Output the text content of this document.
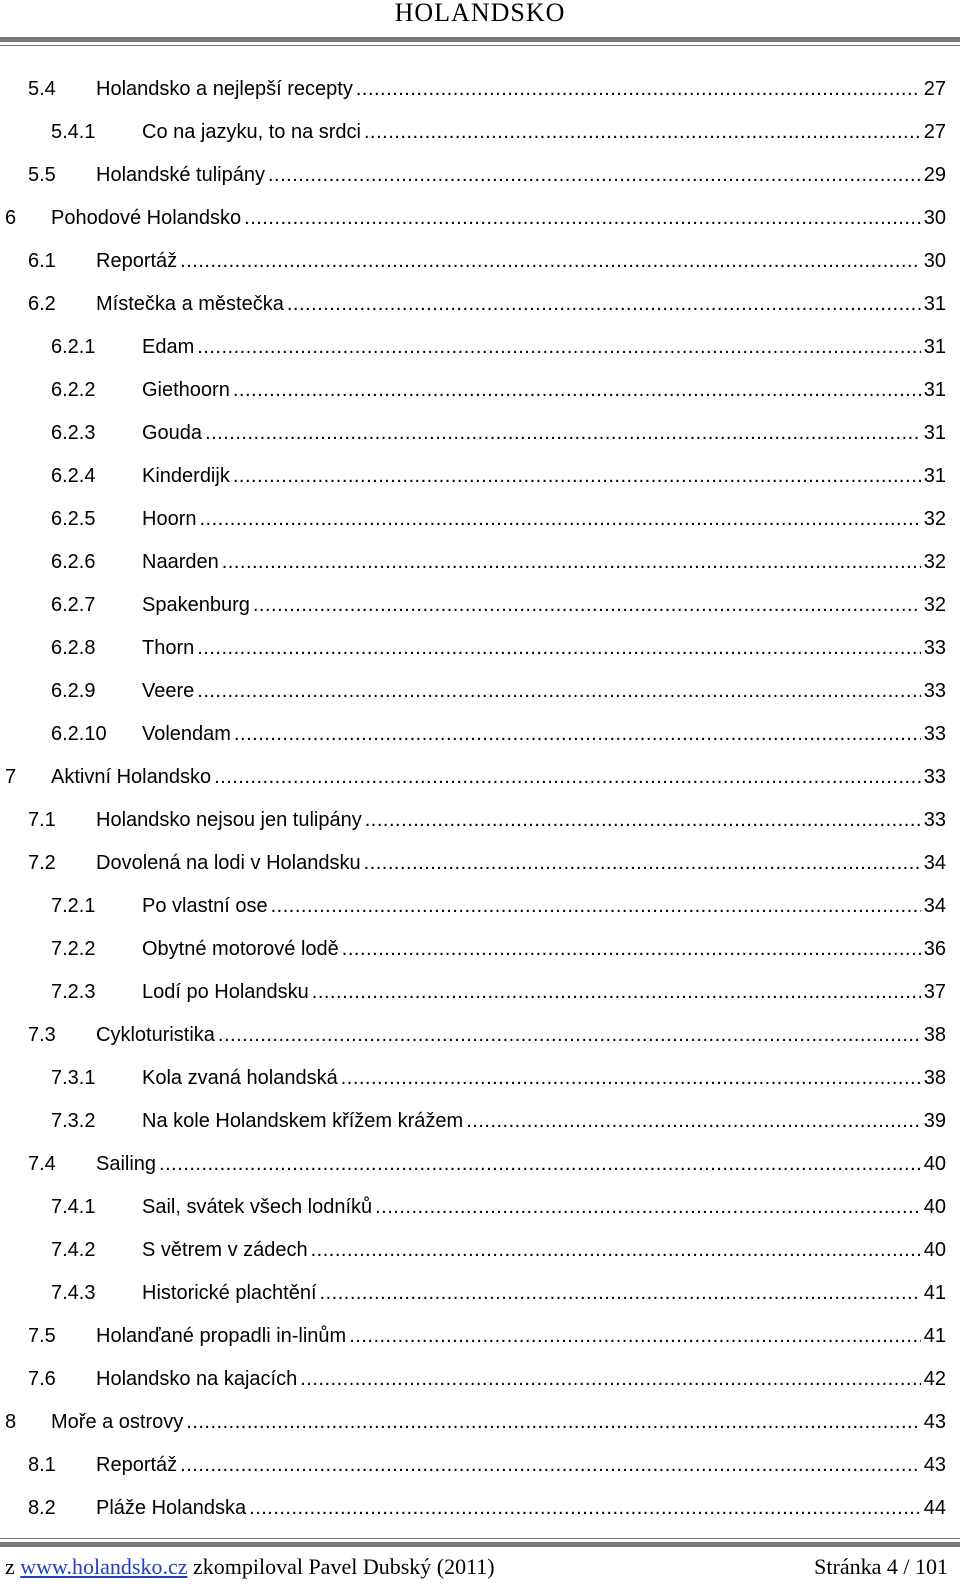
HOLANDSKO
5.4 Holandsko a nejlepší recepty .....	27
5.4.1 Co na jazyku, to na srdci .....	27
5.5 Holandské tulipány .....	29
6 Pohodové Holandsko .....	30
6.1 Reportáž .....	30
6.2 Místečka a městečka .....	31
6.2.1 Edam .....	31
6.2.2 Giethoorn .....	31
6.2.3 Gouda .....	31
6.2.4 Kinderdijk .....	31
6.2.5 Hoorn .....	32
6.2.6 Naarden .....	32
6.2.7 Spakenburg .....	32
6.2.8 Thorn .....	33
6.2.9 Veere .....	33
6.2.10 Volendam .....	33
7 Aktivní Holandsko .....	33
7.1 Holandsko nejsou jen tulipány .....	33
7.2 Dovolená na lodi v Holandsku .....	34
7.2.1 Po vlastní ose .....	34
7.2.2 Obytné motorové lodě .....	36
7.2.3 Lodí po Holandsku .....	37
7.3 Cykloturistika .....	38
7.3.1 Kola zvaná holandská .....	38
7.3.2 Na kole Holandskem křížem krážem .....	39
7.4 Sailing .....	40
7.4.1 Sail, svátek všech lodníků .....	40
7.4.2 S větrem v zádech .....	40
7.4.3 Historické plachtění .....	41
7.5 Holanďané propadli in-linům .....	41
7.6 Holandsko na kajacích .....	42
8 Moře a ostrovy .....	43
8.1 Reportáž .....	43
8.2 Pláže Holandska .....	44
z www.holandsko.cz zkompiloval Pavel Dubský (2011)	Stránka 4 / 101
